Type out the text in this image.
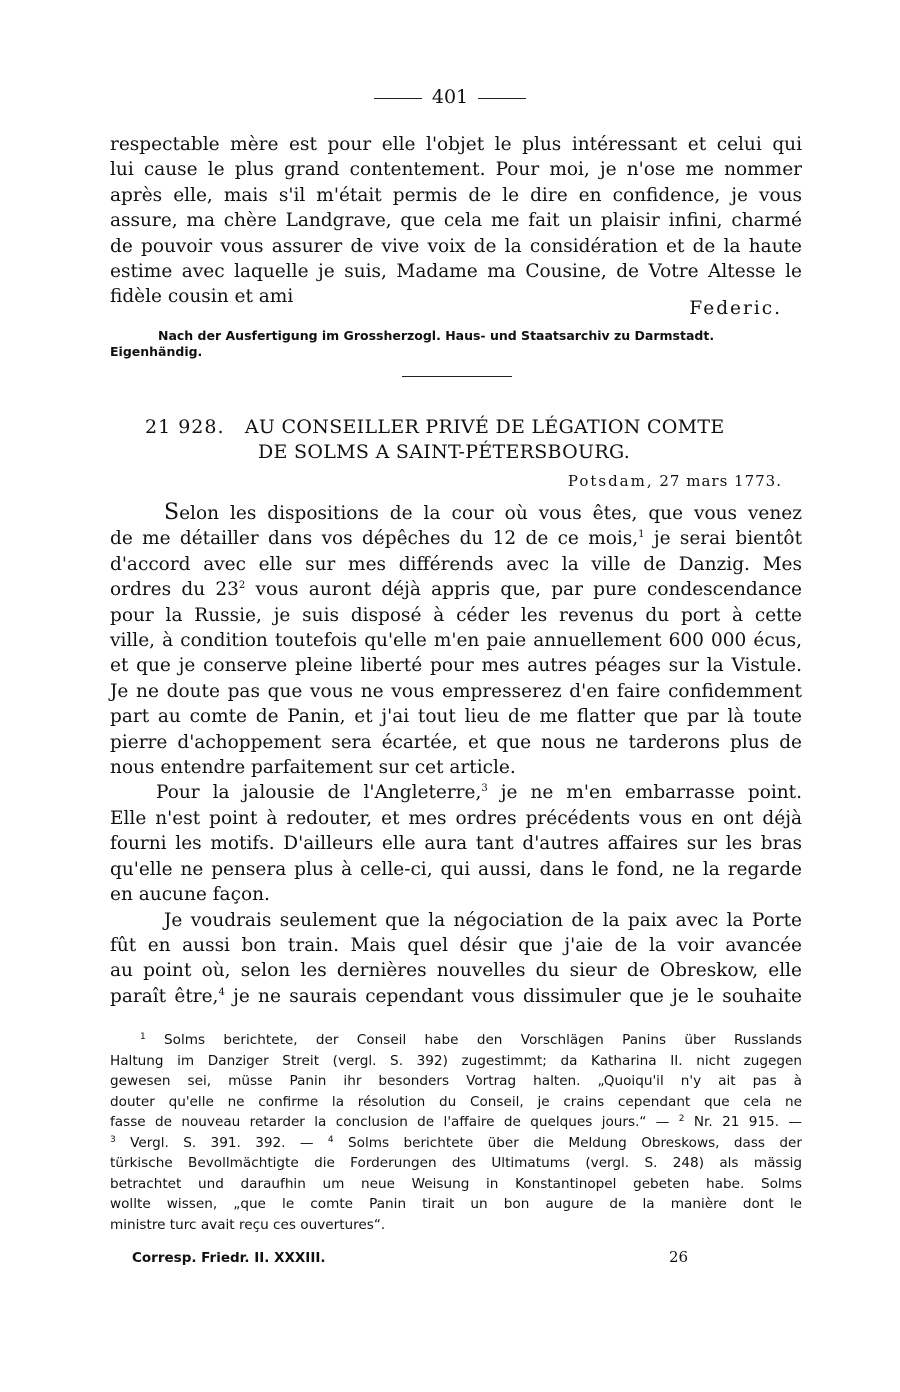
401
respectable mère est pour elle l'objet le plus intéressant et celui qui
lui cause le plus grand contentement. Pour moi, je n'ose me nommer
après elle, mais s'il m'était permis de le dire en confidence, je vous
assure, ma chère Landgrave, que cela me fait un plaisir infini, charmé
de pouvoir vous assurer de vive voix de la considération et de la haute
estime avec laquelle je suis, Madame ma Cousine, de Votre Altesse le
fidèle cousin et ami
Federic.
Nach der Ausfertigung im Grossherzogl. Haus- und Staatsarchiv zu Darmstadt.
Eigenhändig.
21 928. AU CONSEILLER PRIVÉ DE LÉGATION COMTE
DE SOLMS A SAINT-PÉTERSBOURG.
Potsdam, 27 mars 1773.
Selon les dispositions de la cour où vous êtes, que vous venez
de me détailler dans vos dépêches du 12 de ce mois,$^1$ je serai bientôt
d'accord avec elle sur mes différends avec la ville de Danzig. Mes
ordres du $23^2$ vous auront déjà appris que, par pure condescendance
pour la Russie, je suis disposé à céder les revenus du port à cette
ville, à condition toutefois qu'elle m'en paie annuellement 600 000 écus,
et que je conserve pleine liberté pour mes autres péages sur la Vistule.
Je ne doute pas que vous ne vous empresserez d'en faire confidemment
part au comte de Panin, et j'ai tout lieu de me flatter que par là toute
pierre d'achoppement sera écartée, et que nous ne tarderons plus de
nous entendre parfaitement sur cet article.
Pour la jalousie de l'Angleterre,$^3$ je ne m'en embarrasse point.
Elle n'est point à redouter, et mes ordres précédents vous en ont déjà
fourni les motifs. D'ailleurs elle aura tant d'autres affaires sur les bras
qu'elle ne pensera plus à celle-ci, qui aussi, dans le fond, ne la regarde
en aucune façon.
Je voudrais seulement que la négociation de la paix avec la Porte
fût en aussi bon train. Mais quel désir que j'aie de la voir avancée
au point où, selon les dernières nouvelles du sieur de Obreskow, elle
paraît être,$^4$ je ne saurais cependant vous dissimuler que je le souhaite
$^1$ Solms berichtete, der Conseil habe den Vorschlägen Panins über Russlands
Haltung im Danziger Streit (vergl. S. 392) zugestimmt; da Katharina II. nicht zugegen
gewesen sei, müsse Panin ihr besonders Vortrag halten. „Quoiqu'il n'y ait pas à
douter qu'elle ne confirme la résolution du Conseil, je crains cependant que cela ne
fasse de nouveau retarder la conclusion de l'affaire de quelques jours.“ — $^2$ Nr. 21 915. —
$^3$ Vergl. S. 391. 392. — $^4$ Solms berichtete über die Meldung Obreskows, dass der
türkische Bevollmächtigte die Forderungen des Ultimatums (vergl. S. 248) als mässig
betrachtet und daraufhin um neue Weisung in Konstantinopel gebeten habe. Solms
wollte wissen, „que le comte Panin tirait un bon augure de la manière dont le
ministre turc avait reçu ces ouvertures“.
Corresp. Friedr. II. XXXIII.	26
